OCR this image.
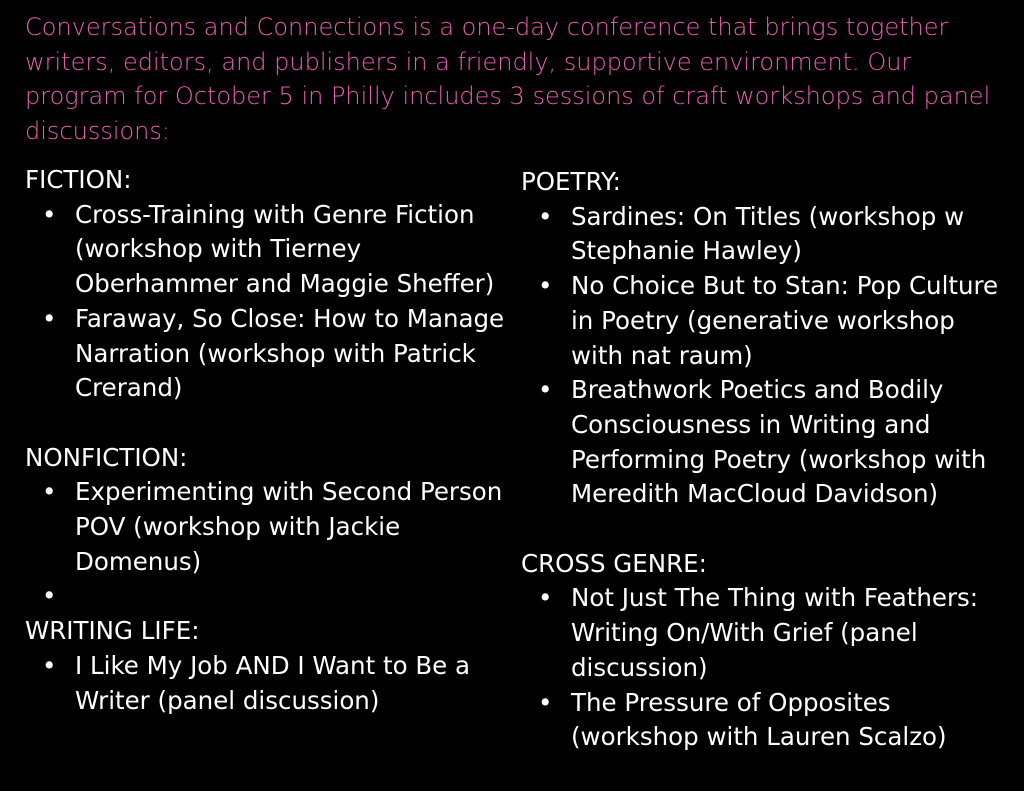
Conversations and Connections is a one-day conference that brings together writers, editors, and publishers in a friendly, supportive environment. Our program for October 5 in Philly includes 3 sessions of craft workshops and panel discussions:

FICTION:
• Cross-Training with Genre Fiction (workshop with Tierney Oberhammer and Maggie Sheffer)
• Faraway, So Close: How to Manage Narration (workshop with Patrick Crerand)
NONFICTION:
• Experimenting with Second Person POV (workshop with Jackie Domenus)
•
WRITING LIFE:
• I Like My Job AND I Want to Be a Writer (panel discussion)
POETRY:
• Sardines: On Titles (workshop w Stephanie Hawley)
• No Choice But to Stan: Pop Culture in Poetry (generative workshop with nat raum)
• Breathwork Poetics and Bodily Consciousness in Writing and Performing Poetry (workshop with Meredith MacCloud Davidson)
CROSS GENRE:
• Not Just The Thing with Feathers: Writing On/With Grief (panel discussion)
• The Pressure of Opposites (workshop with Lauren Scalzo)
